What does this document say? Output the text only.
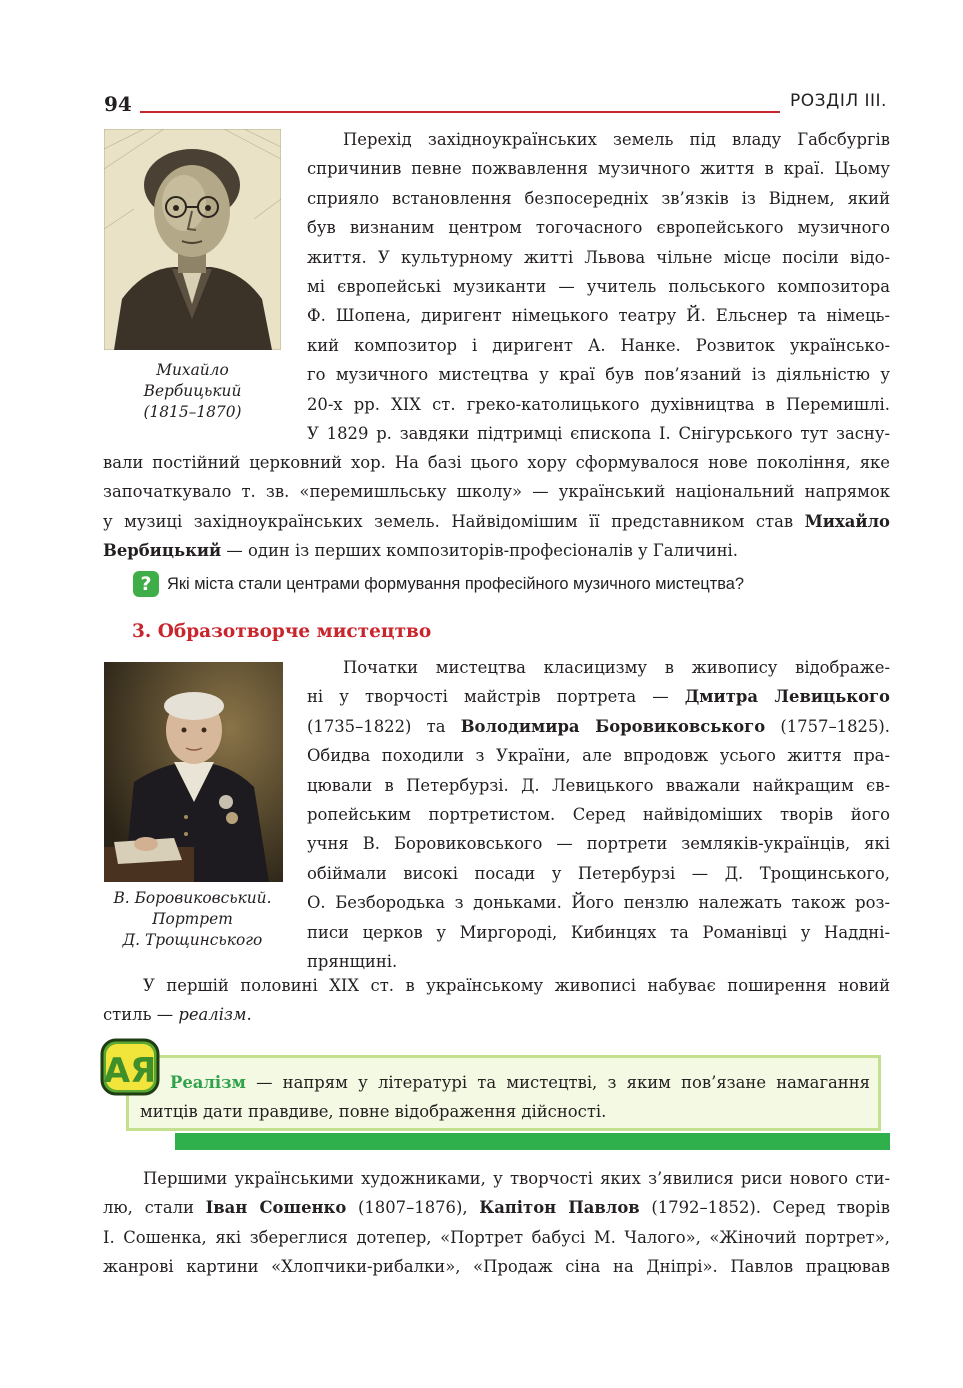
94	РОЗДІЛ ІІІ.
Михайло
Вербицький
(1815–1870)
Перехід західноукраїнських земель під владу Габсбургів
спричинив певне пожвавлення музичного життя в краї. Цьому
сприяло встановлення безпосередніх зв’язків із Віднем, який
був визнаним центром тогочасного європейського музичного
життя. У культурному житті Львова чільне місце посіли відо-
мі європейські музиканти — учитель польського композитора
Ф. Шопена, диригент німецького театру Й. Ельснер та німець-
кий композитор і диригент А. Нанке. Розвиток українсько-
го музичного мистецтва у краї був пов’язаний із діяльністю у
20-х рр. XIX ст. греко-католицького духівництва в Перемишлі.
У 1829 р. завдяки підтримці єпископа І. Снігурського тут засну-
вали постійний церковний хор. На базі цього хору сформувалося нове покоління, яке
започаткувало т. зв. «перемишльську школу» — український національний напрямок
у музиці західноукраїнських земель. Найвідомішим її представником став Михайло
Вербицький — один із перших композиторів-професіоналів у Галичині.
? Які міста стали центрами формування професійного музичного мистецтва?
3. Образотворче мистецтво
В. Боровиковський.
Портрет
Д. Трощинського
Початки мистецтва класицизму в живопису відображе-
ні у творчості майстрів портрета — Дмитра Левицького
(1735–1822) та Володимира Боровиковського (1757–1825).
Обидва походили з України, але впродовж усього життя пра-
цювали в Петербурзі. Д. Левицького вважали найкращим єв-
ропейським портретистом. Серед найвідоміших творів його
учня В. Боровиковського — портрети земляків-українців, які
обіймали високі посади у Петербурзі — Д. Трощинського,
О. Безбородька з доньками. Його пензлю належать також роз-
писи церков у Миргороді, Кибинцях та Романівці у Наддні-
прянщині.
У першій половині XIX ст. в українському живописі набуває поширення новий
стиль — реалізм.
АЯ Реалізм — напрям у літературі та мистецтві, з яким пов’язане намагання
митців дати правдиве, повне відображення дійсності.
Першими українськими художниками, у творчості яких з’явилися риси нового сти-
лю, стали Іван Сошенко (1807–1876), Капітон Павлов (1792–1852). Серед творів
І. Сошенка, які збереглися дотепер, «Портрет бабусі М. Чалого», «Жіночий портрет»,
жанрові картини «Хлопчики-рибалки», «Продаж сіна на Дніпрі». Павлов працював
